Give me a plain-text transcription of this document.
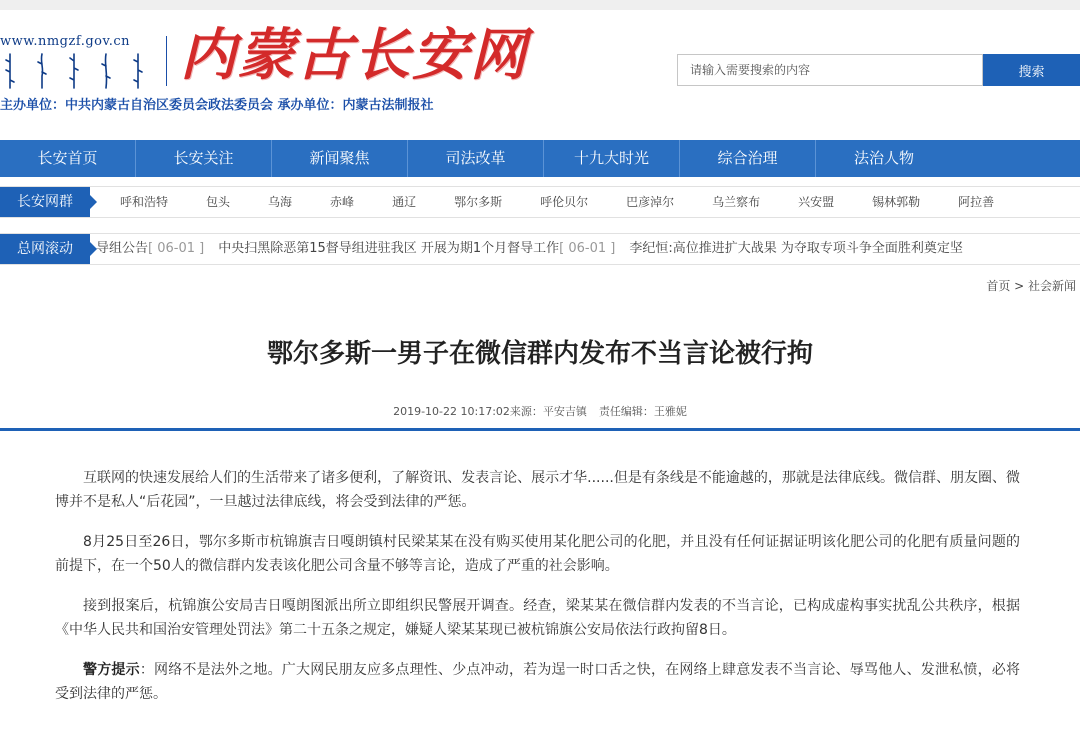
www.nmgzf.gov.cn 内蒙古长安网
主办单位：中共内蒙古自治区委员会政法委员会 承办单位：内蒙古法制报社
请输入需要搜索的内容
搜索
长安首页	长安关注	新闻聚焦	司法改革	十九大时光	综合治理	法治人物
长安网群	呼和浩特	包头	乌海	赤峰	通辽	鄂尔多斯	呼伦贝尔	巴彦淖尔	乌兰察布	兴安盟	锡林郭勒	阿拉善
总网滚动	导组公告[ 06-01 ] 中央扫黑除恶第15督导组进驻我区 开展为期1个月督导工作[ 06-01 ] 李纪恒:高位推进扩大战果 为夺取专项斗争全面胜利奠定坚
首页 > 社会新闻
鄂尔多斯一男子在微信群内发布不当言论被行拘
2019-10-22 10:17:02来源：平安吉镇 责任编辑：王雅妮

互联网的快速发展给人们的生活带来了诸多便利，了解资讯、发表言论、展示才华......但是有条线是不能逾越的，那就是法律底线。微信群、朋友圈、微博并不是私人“后花园”，一旦越过法律底线，将会受到法律的严惩。

8月25日至26日，鄂尔多斯市杭锦旗吉日嘎朗镇村民梁某某在没有购买使用某化肥公司的化肥，并且没有任何证据证明该化肥公司的化肥有质量问题的前提下，在一个50人的微信群内发表该化肥公司含量不够等言论，造成了严重的社会影响。

接到报案后，杭锦旗公安局吉日嘎朗图派出所立即组织民警展开调查。经查，梁某某在微信群内发表的不当言论，已构成虚构事实扰乱公共秩序，根据《中华人民共和国治安管理处罚法》第二十五条之规定，嫌疑人梁某某现已被杭锦旗公安局依法行政拘留8日。

警方提示：网络不是法外之地。广大网民朋友应多点理性、少点冲动，若为逞一时口舌之快，在网络上肆意发表不当言论、辱骂他人、发泄私愤，必将受到法律的严惩。
